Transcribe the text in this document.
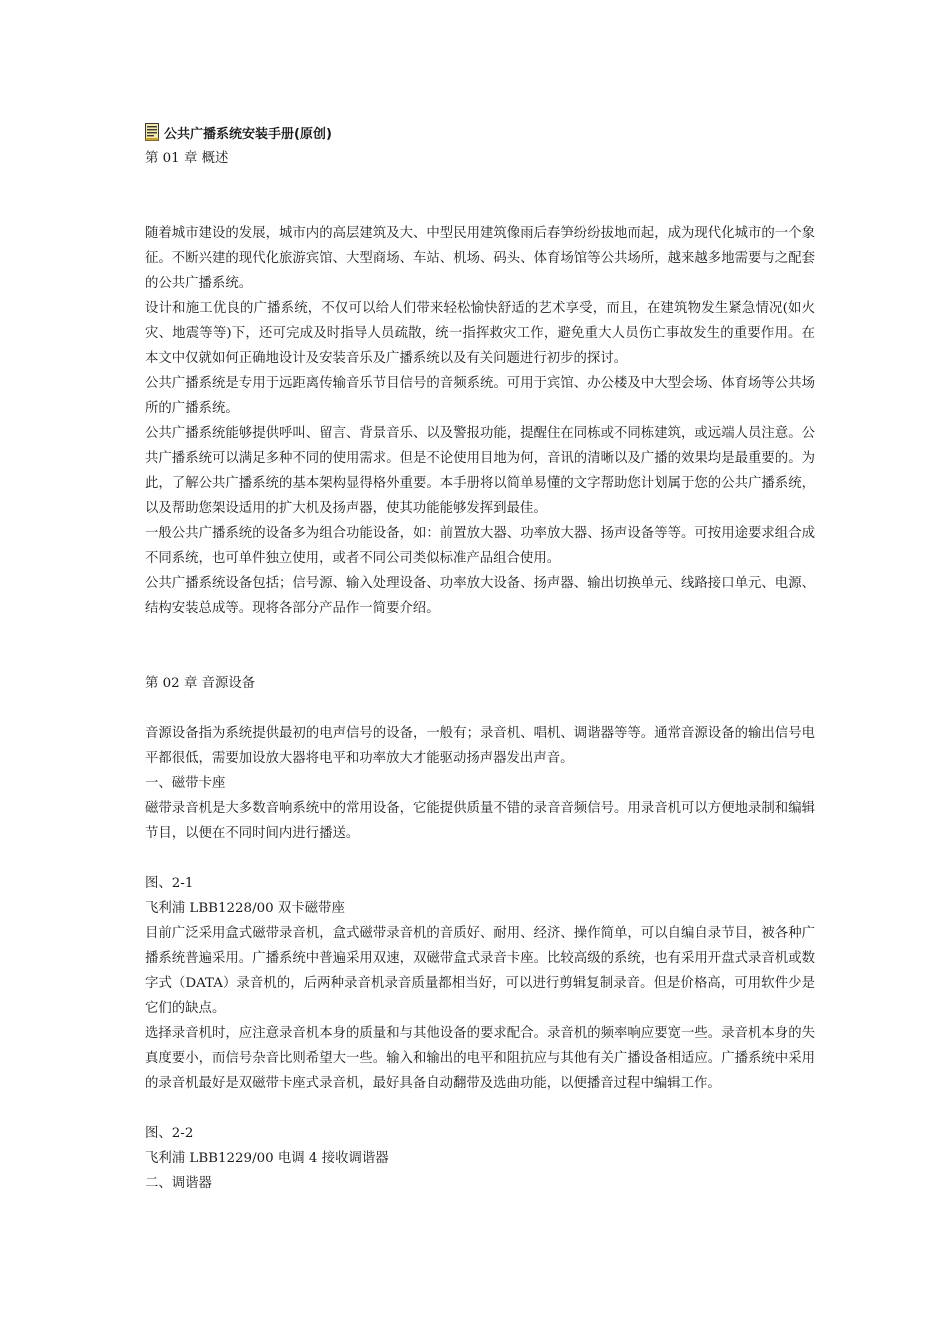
公共广播系统安装手册(原创)

第 01 章 概述

随着城市建设的发展，城市内的高层建筑及大、中型民用建筑像雨后春笋纷纷拔地而起，成为现代化城市的一个象征。不断兴建的现代化旅游宾馆、大型商场、车站、机场、码头、体育场馆等公共场所，越来越多地需要与之配套的公共广播系统。

设计和施工优良的广播系统，不仅可以给人们带来轻松愉快舒适的艺术享受，而且，在建筑物发生紧急情况(如火灾、地震等等)下，还可完成及时指导人员疏散，统一指挥救灾工作，避免重大人员伤亡事故发生的重要作用。在本文中仅就如何正确地设计及安装音乐及广播系统以及有关问题进行初步的探讨。

公共广播系统是专用于远距离传输音乐节目信号的音频系统。可用于宾馆、办公楼及中大型会场、体育场等公共场所的广播系统。

公共广播系统能够提供呼叫、留言、背景音乐、以及警报功能，提醒住在同栋或不同栋建筑，或远端人员注意。公共广播系统可以满足多种不同的使用需求。但是不论使用目地为何，音讯的清晰以及广播的效果均是最重要的。为此，了解公共广播系统的基本架构显得格外重要。本手册将以简单易懂的文字帮助您计划属于您的公共广播系统，以及帮助您架设适用的扩大机及扬声器，使其功能能够发挥到最佳。

一般公共广播系统的设备多为组合功能设备，如：前置放大器、功率放大器、扬声设备等等。可按用途要求组合成不同系统，也可单件独立使用，或者不同公司类似标准产品组合使用。

公共广播系统设备包括；信号源、输入处理设备、功率放大设备、扬声器、输出切换单元、线路接口单元、电源、结构安装总成等。现将各部分产品作一简要介绍。

第 02 章 音源设备

音源设备指为系统提供最初的电声信号的设备，一般有；录音机、唱机、调谐器等等。通常音源设备的输出信号电平都很低，需要加设放大器将电平和功率放大才能驱动扬声器发出声音。

一、磁带卡座

磁带录音机是大多数音响系统中的常用设备，它能提供质量不错的录音音频信号。用录音机可以方便地录制和编辑节目，以便在不同时间内进行播送。

图、2-1

飞利浦 LBB1228/00 双卡磁带座

目前广泛采用盒式磁带录音机，盒式磁带录音机的音质好、耐用、经济、操作简单，可以自编自录节目，被各种广播系统普遍采用。广播系统中普遍采用双速，双磁带盒式录音卡座。比较高级的系统，也有采用开盘式录音机或数字式（DATA）录音机的，后两种录音机录音质量都相当好，可以进行剪辑复制录音。但是价格高，可用软件少是它们的缺点。

选择录音机时，应注意录音机本身的质量和与其他设备的要求配合。录音机的频率响应要宽一些。录音机本身的失真度要小，而信号杂音比则希望大一些。输入和输出的电平和阻抗应与其他有关广播设备相适应。广播系统中采用的录音机最好是双磁带卡座式录音机，最好具备自动翻带及选曲功能，以便播音过程中编辑工作。

图、2-2

飞利浦 LBB1229/00 电调 4 接收调谐器

二、调谐器
